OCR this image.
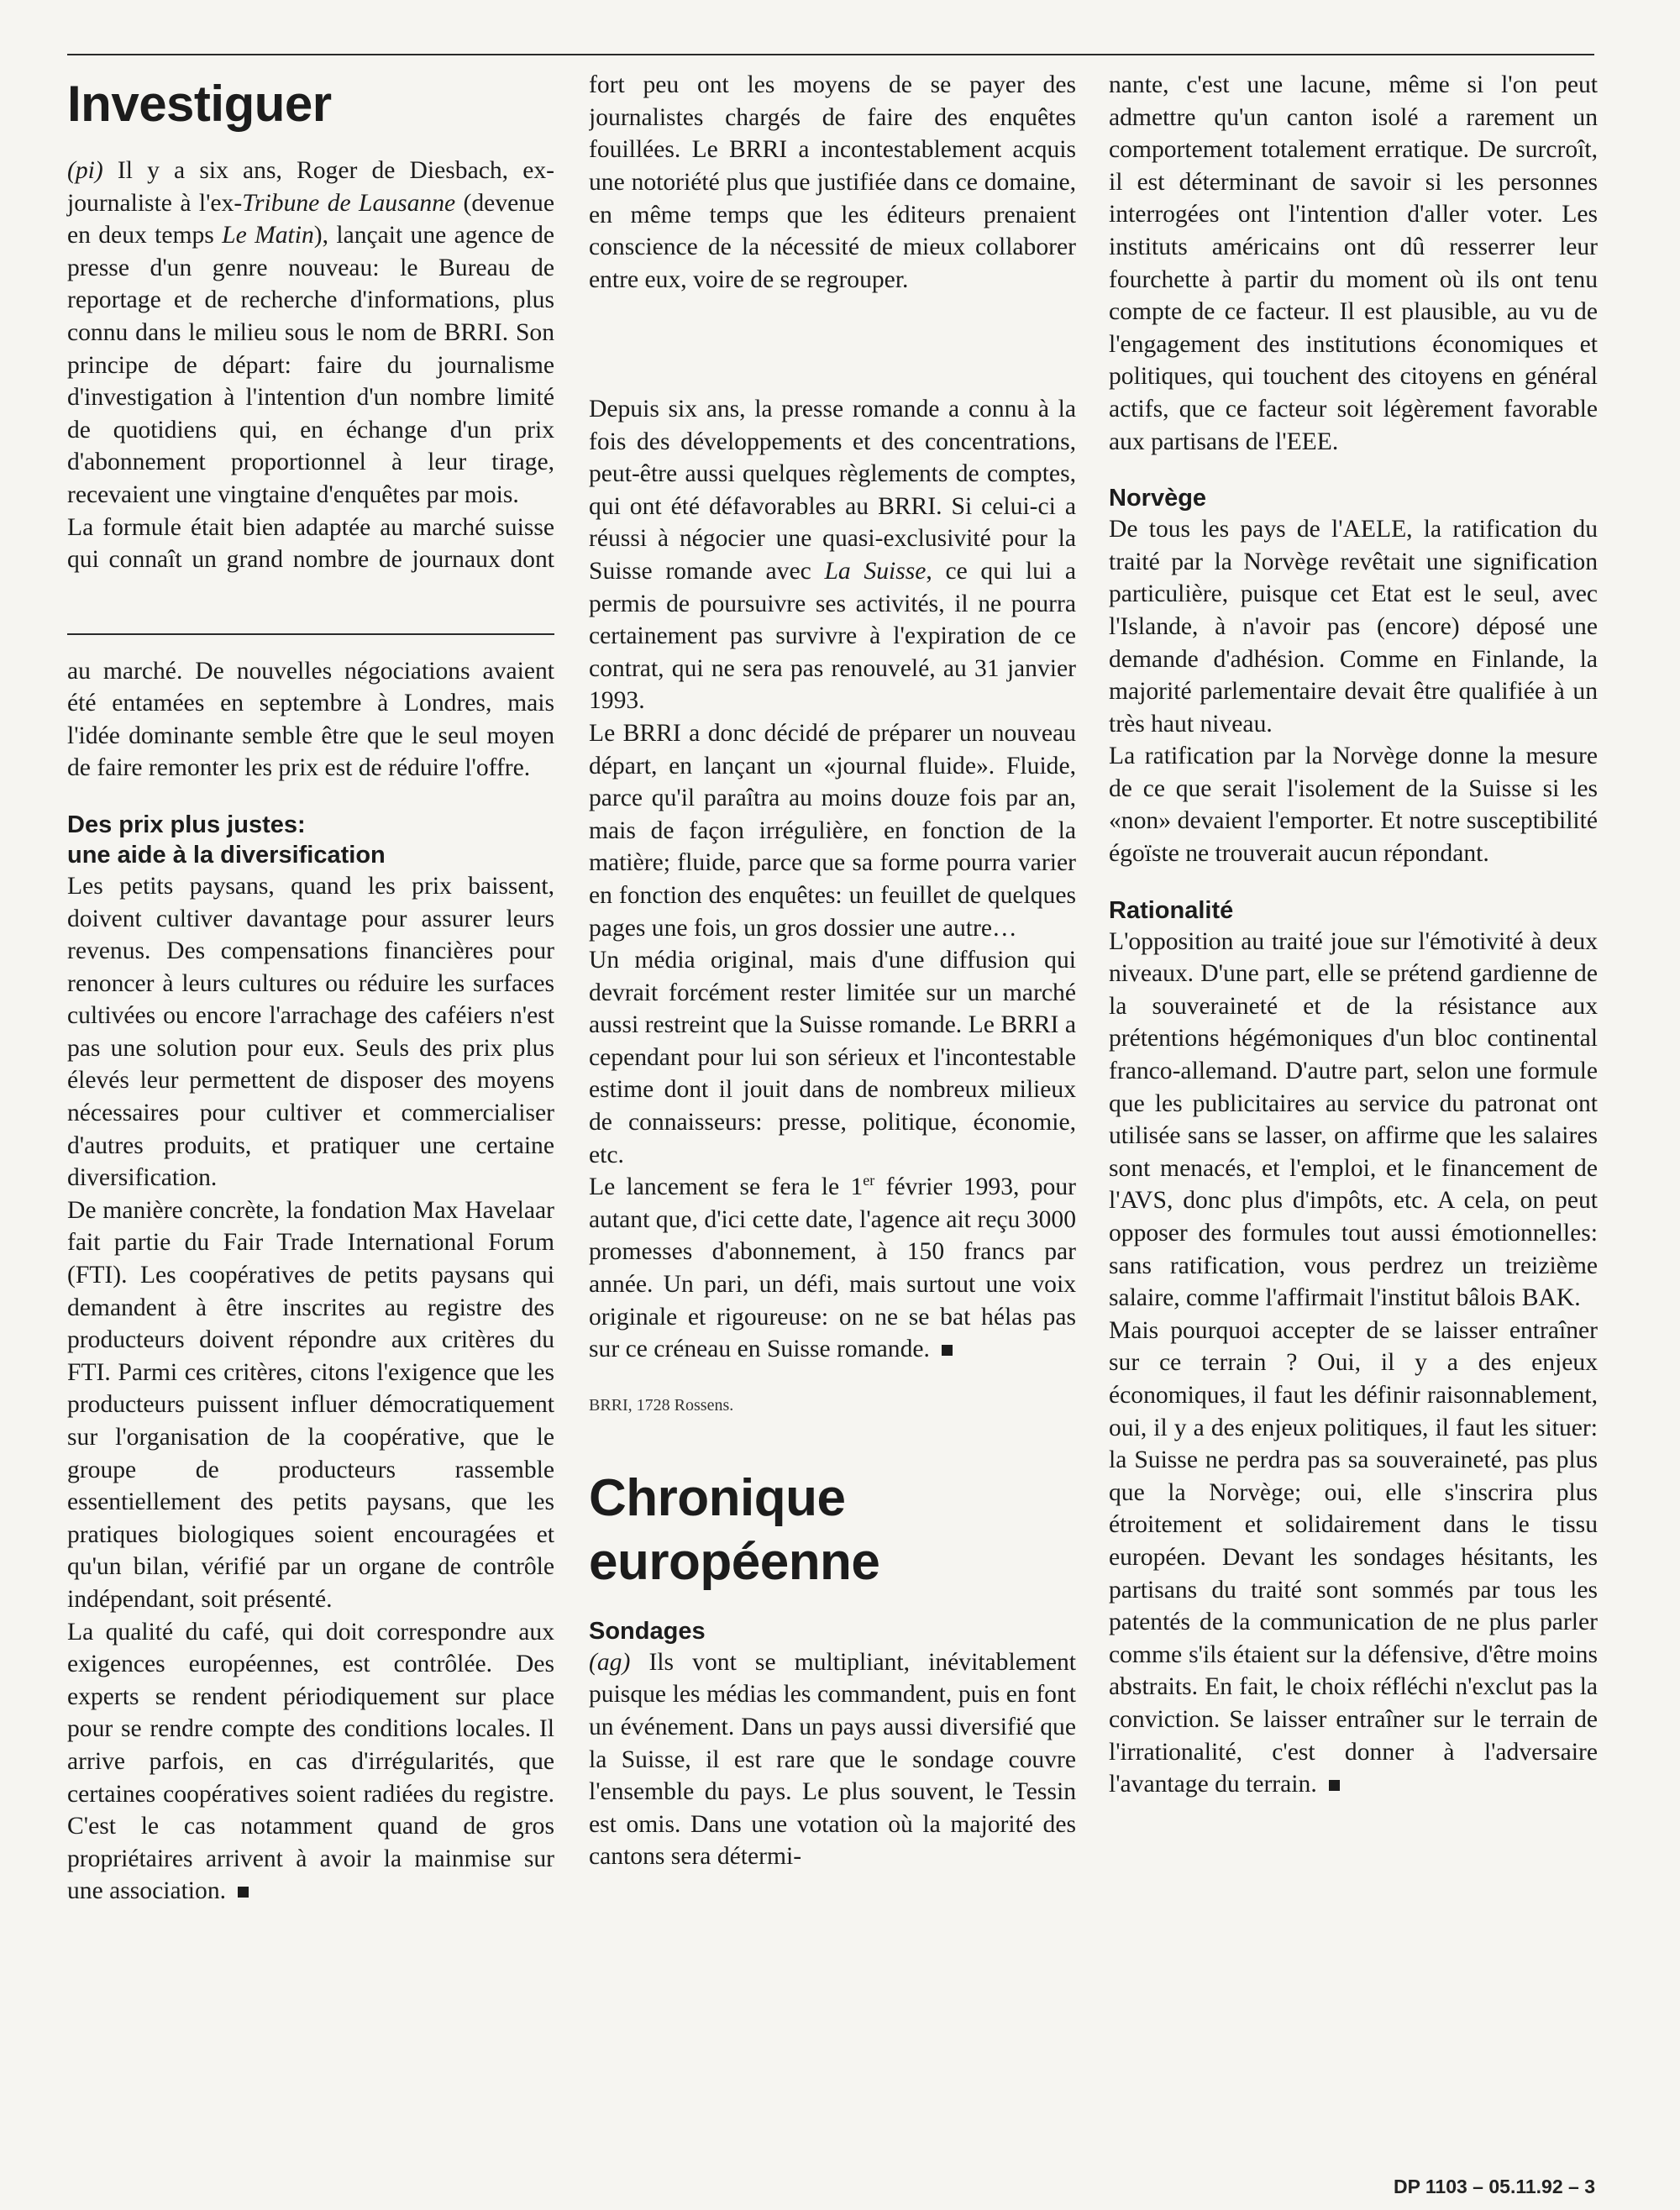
Investiguer

(pi) Il y a six ans, Roger de Diesbach, ex-journaliste à l'ex-Tribune de Lausanne (devenue en deux temps Le Matin), lançait une agence de presse d'un genre nouveau: le Bureau de reportage et de recherche d'informations, plus connu dans le milieu sous le nom de BRRI. Son principe de départ: faire du journalisme d'investigation à l'intention d'un nombre limité de quotidiens qui, en échange d'un prix d'abonnement proportionnel à leur tirage, recevaient une vingtaine d'enquêtes par mois.

La formule était bien adaptée au marché suisse qui connaît un grand nombre de journaux dont

au marché. De nouvelles négociations avaient été entamées en septembre à Londres, mais l'idée dominante semble être que le seul moyen de faire remonter les prix est de réduire l'offre.

Des prix plus justes:
une aide à la diversification

Les petits paysans, quand les prix baissent, doivent cultiver davantage pour assurer leurs revenus. Des compensations financières pour renoncer à leurs cultures ou réduire les surfaces cultivées ou encore l'arrachage des caféiers n'est pas une solution pour eux. Seuls des prix plus élevés leur permettent de disposer des moyens nécessaires pour cultiver et commercialiser d'autres produits, et pratiquer une certaine diversification.

De manière concrète, la fondation Max Havelaar fait partie du Fair Trade International Forum (FTI). Les coopératives de petits paysans qui demandent à être inscrites au registre des producteurs doivent répondre aux critères du FTI. Parmi ces critères, citons l'exigence que les producteurs puissent influer démocratiquement sur l'organisation de la coopérative, que le groupe de producteurs rassemble essentiellement des petits paysans, que les pratiques biologiques soient encouragées et qu'un bilan, vérifié par un organe de contrôle indépendant, soit présenté.

La qualité du café, qui doit correspondre aux exigences européennes, est contrôlée. Des experts se rendent périodiquement sur place pour se rendre compte des conditions locales. Il arrive parfois, en cas d'irrégularités, que certaines coopératives soient radiées du registre. C'est le cas notamment quand de gros propriétaires arrivent à avoir la mainmise sur une association.

fort peu ont les moyens de se payer des journalistes chargés de faire des enquêtes fouillées. Le BRRI a incontestablement acquis une notoriété plus que justifiée dans ce domaine, en même temps que les éditeurs prenaient conscience de la nécessité de mieux collaborer entre eux, voire de se regrouper.

Depuis six ans, la presse romande a connu à la fois des développements et des concentrations, peut-être aussi quelques règlements de comptes, qui ont été défavorables au BRRI. Si celui-ci a réussi à négocier une quasi-exclusivité pour la Suisse romande avec La Suisse, ce qui lui a permis de poursuivre ses activités, il ne pourra certainement pas survivre à l'expiration de ce contrat, qui ne sera pas renouvelé, au 31 janvier 1993.

Le BRRI a donc décidé de préparer un nouveau départ, en lançant un «journal fluide». Fluide, parce qu'il paraîtra au moins douze fois par an, mais de façon irrégulière, en fonction de la matière; fluide, parce que sa forme pourra varier en fonction des enquêtes: un feuillet de quelques pages une fois, un gros dossier une autre…

Un média original, mais d'une diffusion qui devrait forcément rester limitée sur un marché aussi restreint que la Suisse romande. Le BRRI a cependant pour lui son sérieux et l'incontestable estime dont il jouit dans de nombreux milieux de connaisseurs: presse, politique, économie, etc.

Le lancement se fera le 1er février 1993, pour autant que, d'ici cette date, l'agence ait reçu 3000 promesses d'abonnement, à 150 francs par année. Un pari, un défi, mais surtout une voix originale et rigoureuse: on ne se bat hélas pas sur ce créneau en Suisse romande.

BRRI, 1728 Rossens.
Chronique
européenne
Sondages

(ag) Ils vont se multipliant, inévitablement puisque les médias les commandent, puis en font un événement. Dans un pays aussi diversifié que la Suisse, il est rare que le sondage couvre l'ensemble du pays. Le plus souvent, le Tessin est omis. Dans une votation où la majorité des cantons sera détermi-

nante, c'est une lacune, même si l'on peut admettre qu'un canton isolé a rarement un comportement totalement erratique. De surcroît, il est déterminant de savoir si les personnes interrogées ont l'intention d'aller voter. Les instituts américains ont dû resserrer leur fourchette à partir du moment où ils ont tenu compte de ce facteur. Il est plausible, au vu de l'engagement des institutions économiques et politiques, qui touchent des citoyens en général actifs, que ce facteur soit légèrement favorable aux partisans de l'EEE.

Norvège

De tous les pays de l'AELE, la ratification du traité par la Norvège revêtait une signification particulière, puisque cet Etat est le seul, avec l'Islande, à n'avoir pas (encore) déposé une demande d'adhésion. Comme en Finlande, la majorité parlementaire devait être qualifiée à un très haut niveau.

La ratification par la Norvège donne la mesure de ce que serait l'isolement de la Suisse si les «non» devaient l'emporter. Et notre susceptibilité égoïste ne trouverait aucun répondant.

Rationalité

L'opposition au traité joue sur l'émotivité à deux niveaux. D'une part, elle se prétend gardienne de la souveraineté et de la résistance aux prétentions hégémoniques d'un bloc continental franco-allemand. D'autre part, selon une formule que les publicitaires au service du patronat ont utilisée sans se lasser, on affirme que les salaires sont menacés, et l'emploi, et le financement de l'AVS, donc plus d'impôts, etc. A cela, on peut opposer des formules tout aussi émotionnelles: sans ratification, vous perdrez un treizième salaire, comme l'affirmait l'institut bâlois BAK.

Mais pourquoi accepter de se laisser entraîner sur ce terrain ? Oui, il y a des enjeux économiques, il faut les définir raisonnablement, oui, il y a des enjeux politiques, il faut les situer: la Suisse ne perdra pas sa souveraineté, pas plus que la Norvège; oui, elle s'inscrira plus étroitement et solidairement dans le tissu européen. Devant les sondages hésitants, les partisans du traité sont sommés par tous les patentés de la communication de ne plus parler comme s'ils étaient sur la défensive, d'être moins abstraits. En fait, le choix réfléchi n'exclut pas la conviction. Se laisser entraîner sur le terrain de l'irrationalité, c'est donner à l'adversaire l'avantage du terrain.

DP 1103 – 05.11.92 – 3
